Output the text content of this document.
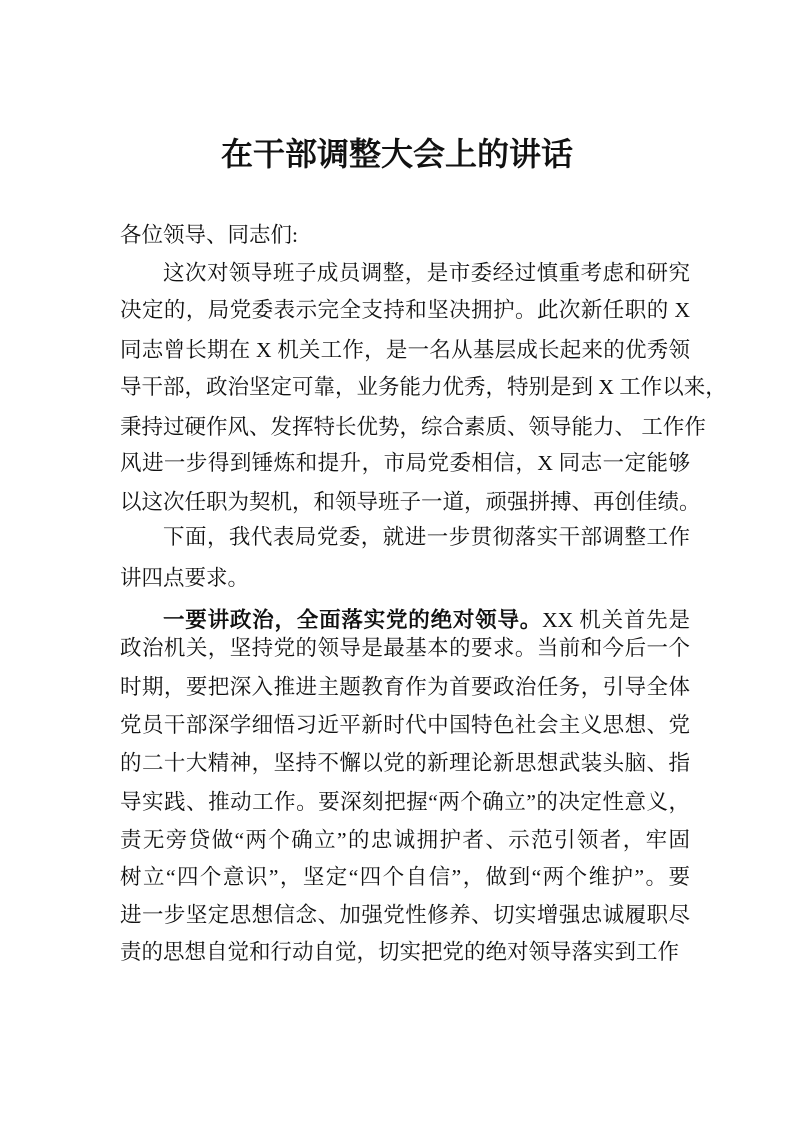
在干部调整大会上的讲话
各位领导、同志们:
这次对领导班子成员调整，是市委经过慎重考虑和研究
决定的，局党委表示完全支持和坚决拥护。此次新任职的 X
同志曾长期在 X 机关工作，是一名从基层成长起来的优秀领
导干部，政治坚定可靠，业务能力优秀，特别是到 X 工作以来，
秉持过硬作风、发挥特长优势，综合素质、领导能力、 工作作
风进一步得到锤炼和提升，市局党委相信，X 同志一定能够
以这次任职为契机，和领导班子一道，顽强拼搏、再创佳绩。
下面，我代表局党委，就进一步贯彻落实干部调整工作
讲四点要求。
一要讲政治，全面落实党的绝对领导。XX 机关首先是
政治机关，坚持党的领导是最基本的要求。当前和今后一个
时期，要把深入推进主题教育作为首要政治任务，引导全体
党员干部深学细悟习近平新时代中国特色社会主义思想、党
的二十大精神，坚持不懈以党的新理论新思想武装头脑、指
导实践、推动工作。要深刻把握“两个确立”的决定性意义，
责无旁贷做“两个确立”的忠诚拥护者、示范引领者，牢固
树立“四个意识”，坚定“四个自信”，做到“两个维护”。要
进一步坚定思想信念、加强党性修养、切实增强忠诚履职尽
责的思想自觉和行动自觉，切实把党的绝对领导落实到工作
